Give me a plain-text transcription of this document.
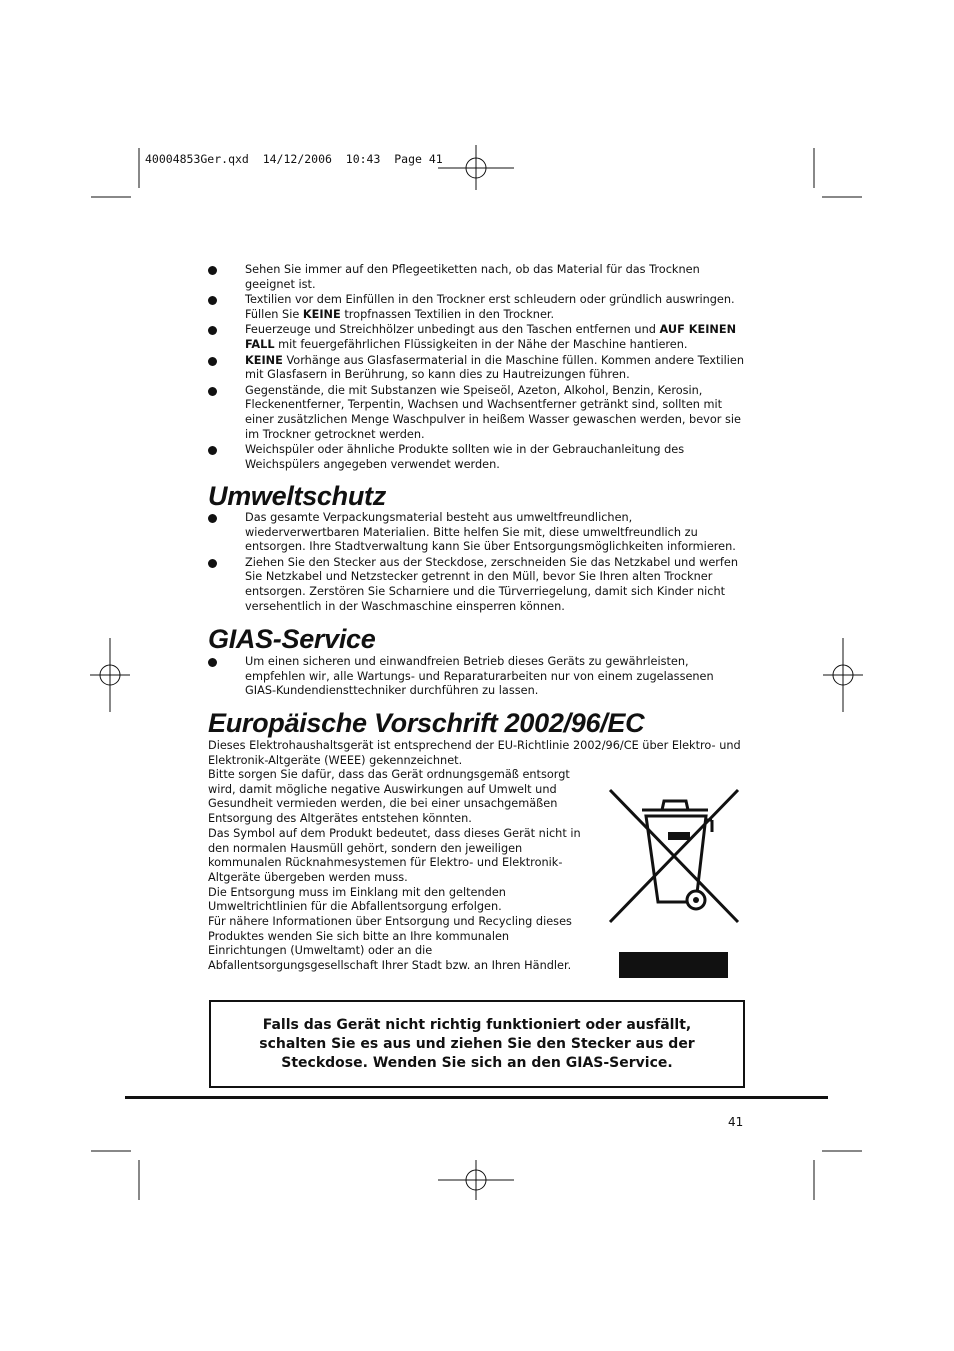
40004853Ger.qxd  14/12/2006  10:43  Page 41
Sehen Sie immer auf den Pflegeetiketten nach, ob das Material für das Trocknen geeignet ist.
Textilien vor dem Einfüllen in den Trockner erst schleudern oder gründlich auswringen. Füllen Sie KEINE tropfnassen Textilien in den Trockner.
Feuerzeuge und Streichhölzer unbedingt aus den Taschen entfernen und AUF KEINEN FALL mit feuergefährlichen Flüssigkeiten in der Nähe der Maschine hantieren.
KEINE Vorhänge aus Glasfasermaterial in die Maschine füllen. Kommen andere Textilien mit Glasfasern in Berührung, so kann dies zu Hautreizungen führen.
Gegenstände, die mit Substanzen wie Speiseöl, Azeton, Alkohol, Benzin, Kerosin, Fleckenentferner, Terpentin, Wachsen und Wachsentferner getränkt sind, sollten mit einer zusätzlichen Menge Waschpulver in heißem Wasser gewaschen werden, bevor sie im Trockner getrocknet werden.
Weichspüler oder ähnliche Produkte sollten wie in der Gebrauchanleitung des Weichspülers angegeben verwendet werden.
Umweltschutz
Das gesamte Verpackungsmaterial besteht aus umweltfreundlichen, wiederverwertbaren Materialien. Bitte helfen Sie mit, diese umweltfreundlich zu entsorgen. Ihre Stadtverwaltung kann Sie über Entsorgungsmöglichkeiten informieren.
Ziehen Sie den Stecker aus der Steckdose, zerschneiden Sie das Netzkabel und werfen Sie Netzkabel und Netzstecker getrennt in den Müll, bevor Sie Ihren alten Trockner entsorgen. Zerstören Sie Scharniere und die Türverriegelung, damit sich Kinder nicht versehentlich in der Waschmaschine einsperren können.
GIAS-Service
Um einen sicheren und einwandfreien Betrieb dieses Geräts zu gewährleisten, empfehlen wir, alle Wartungs- und Reparaturarbeiten nur von einem zugelassenen GIAS-Kundendiensttechniker durchführen zu lassen.
Europäische Vorschrift 2002/96/EC

Dieses Elektrohaushaltsgerät ist entsprechend der EU-Richtlinie 2002/96/CE über Elektro- und Elektronik-Altgeräte (WEEE) gekennzeichnet.

Bitte sorgen Sie dafür, dass das Gerät ordnungsgemäß entsorgt wird, damit mögliche negative Auswirkungen auf Umwelt und Gesundheit vermieden werden, die bei einer unsachgemäßen Entsorgung des Altgerätes entstehen könnten.

Das Symbol auf dem Produkt bedeutet, dass dieses Gerät nicht in den normalen Hausmüll gehört, sondern den jeweiligen kommunalen Rücknahmesystemen für Elektro- und Elektronik-Altgeräte übergeben werden muss.

Die Entsorgung muss im Einklang mit den geltenden Umweltrichtlinien für die Abfallentsorgung erfolgen.

Für nähere Informationen über Entsorgung und Recycling dieses Produktes wenden Sie sich bitte an Ihre kommunalen Einrichtungen (Umweltamt) oder an die Abfallentsorgungsgesellschaft Ihrer Stadt bzw. an Ihren Händler.

Falls das Gerät nicht richtig funktioniert oder ausfällt, schalten Sie es aus und ziehen Sie den Stecker aus der Steckdose. Wenden Sie sich an den GIAS-Service.
41
